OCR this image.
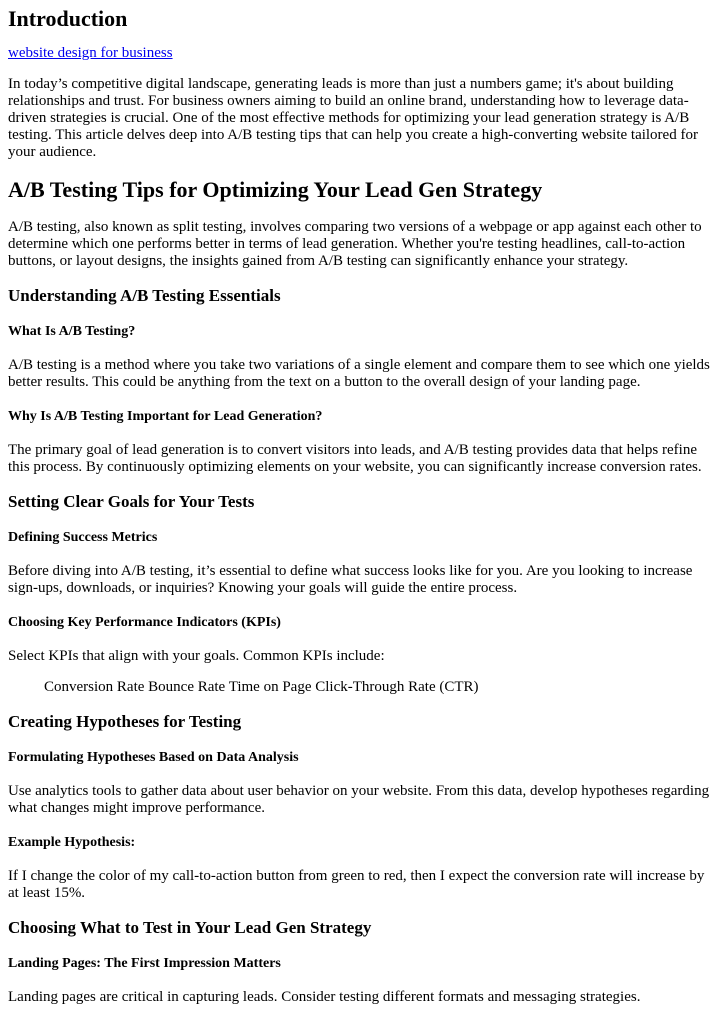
Introduction
website design for business

In today’s competitive digital landscape, generating leads is more than just a numbers game; it's about building relationships and trust. For business owners aiming to build an online brand, understanding how to leverage data-driven strategies is crucial. One of the most effective methods for optimizing your lead generation strategy is A/B testing. This article delves deep into A/B testing tips that can help you create a high-converting website tailored for your audience.

A/B Testing Tips for Optimizing Your Lead Gen Strategy

A/B testing, also known as split testing, involves comparing two versions of a webpage or app against each other to determine which one performs better in terms of lead generation. Whether you're testing headlines, call-to-action buttons, or layout designs, the insights gained from A/B testing can significantly enhance your strategy.

Understanding A/B Testing Essentials
What Is A/B Testing?

A/B testing is a method where you take two variations of a single element and compare them to see which one yields better results. This could be anything from the text on a button to the overall design of your landing page.

Why Is A/B Testing Important for Lead Generation?

The primary goal of lead generation is to convert visitors into leads, and A/B testing provides data that helps refine this process. By continuously optimizing elements on your website, you can significantly increase conversion rates.

Setting Clear Goals for Your Tests
Defining Success Metrics

Before diving into A/B testing, it’s essential to define what success looks like for you. Are you looking to increase sign-ups, downloads, or inquiries? Knowing your goals will guide the entire process.

Choosing Key Performance Indicators (KPIs)

Select KPIs that align with your goals. Common KPIs include:

Conversion Rate Bounce Rate Time on Page Click-Through Rate (CTR)
Creating Hypotheses for Testing
Formulating Hypotheses Based on Data Analysis

Use analytics tools to gather data about user behavior on your website. From this data, develop hypotheses regarding what changes might improve performance.

Example Hypothesis:

If I change the color of my call-to-action button from green to red, then I expect the conversion rate will increase by at least 15%.

Choosing What to Test in Your Lead Gen Strategy
Landing Pages: The First Impression Matters

Landing pages are critical in capturing leads. Consider testing different formats and messaging strategies.
